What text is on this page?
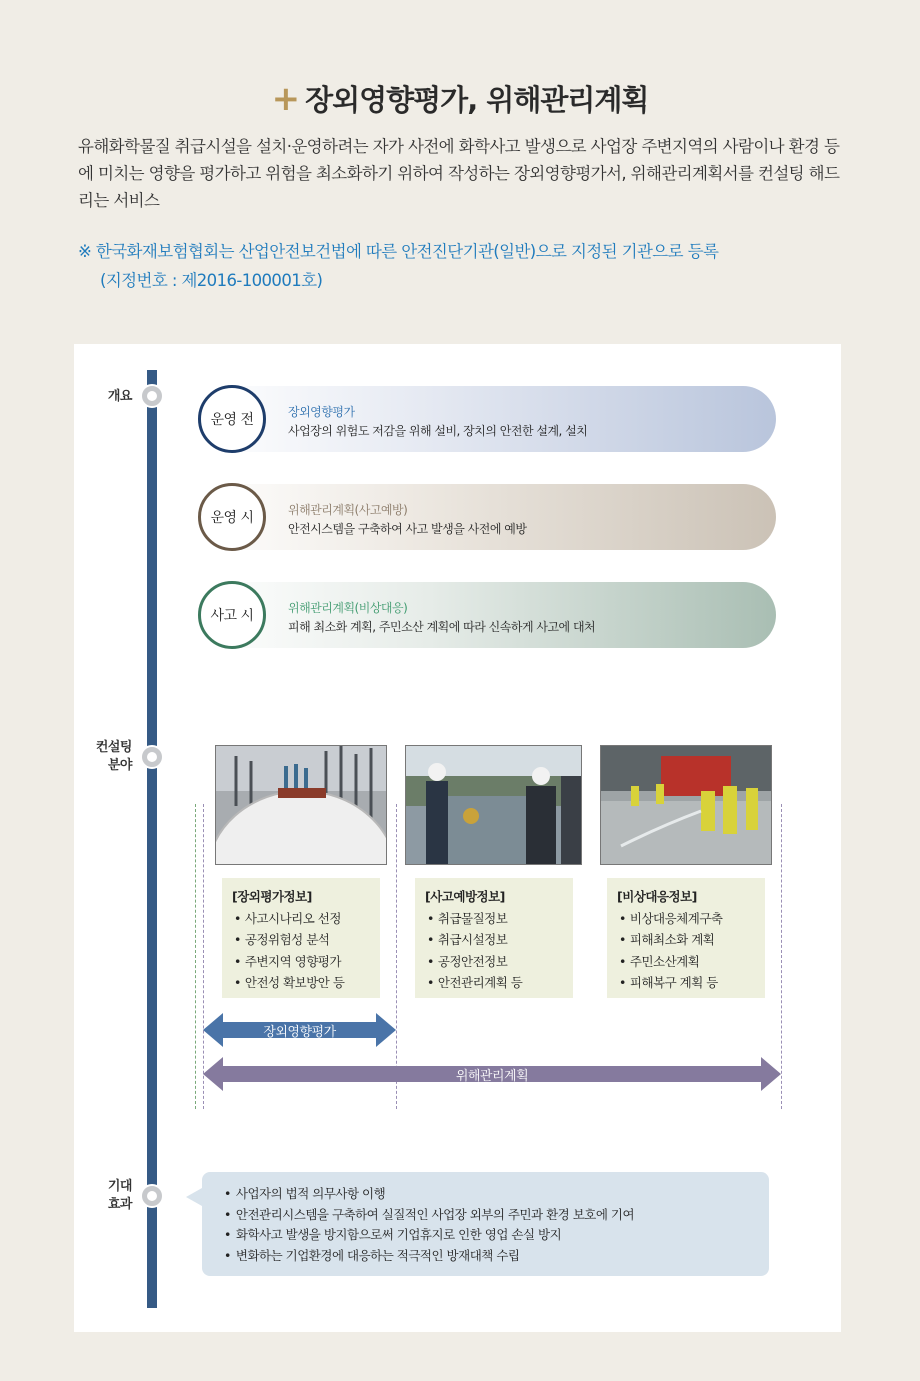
+ 장외영향평가, 위해관리계획
유해화학물질 취급시설을 설치·운영하려는 자가 사전에 화학사고 발생으로 사업장 주변지역의 사람이나 환경 등에 미치는 영향을 평가하고 위험을 최소화하기 위하여 작성하는 장외영향평가서, 위해관리계획서를 컨설팅 해드리는 서비스
※ 한국화재보험협회는 산업안전보건법에 따른 안전진단기관(일반)으로 지정된 기관으로 등록
(지정번호 : 제2016-100001호)
개요
컨설팅
분야
기대
효과
운영 전	장외영향평가
사업장의 위험도 저감을 위해 설비, 장치의 안전한 설계, 설치
운영 시	위해관리계획(사고예방)
안전시스템을 구축하여 사고 발생을 사전에 예방
사고 시	위해관리계획(비상대응)
피해 최소화 계획, 주민소산 계획에 따라 신속하게 사고에 대처
[장외평가정보]
• 사고시나리오 선정
• 공정위험성 분석
• 주변지역 영향평가
• 안전성 확보방안 등
[사고예방정보]
• 취급물질정보
• 취급시설정보
• 공정안전정보
• 안전관리계획 등
[비상대응정보]
• 비상대응체계구축
• 피해최소화 계획
• 주민소산계획
• 피해복구 계획 등
장외영향평가
위해관리계획
• 사업자의 법적 의무사항 이행
• 안전관리시스템을 구축하여 실질적인 사업장 외부의 주민과 환경 보호에 기여
• 화학사고 발생을 방지함으로써 기업휴지로 인한 영업 손실 방지
• 변화하는 기업환경에 대응하는 적극적인 방재대책 수립
